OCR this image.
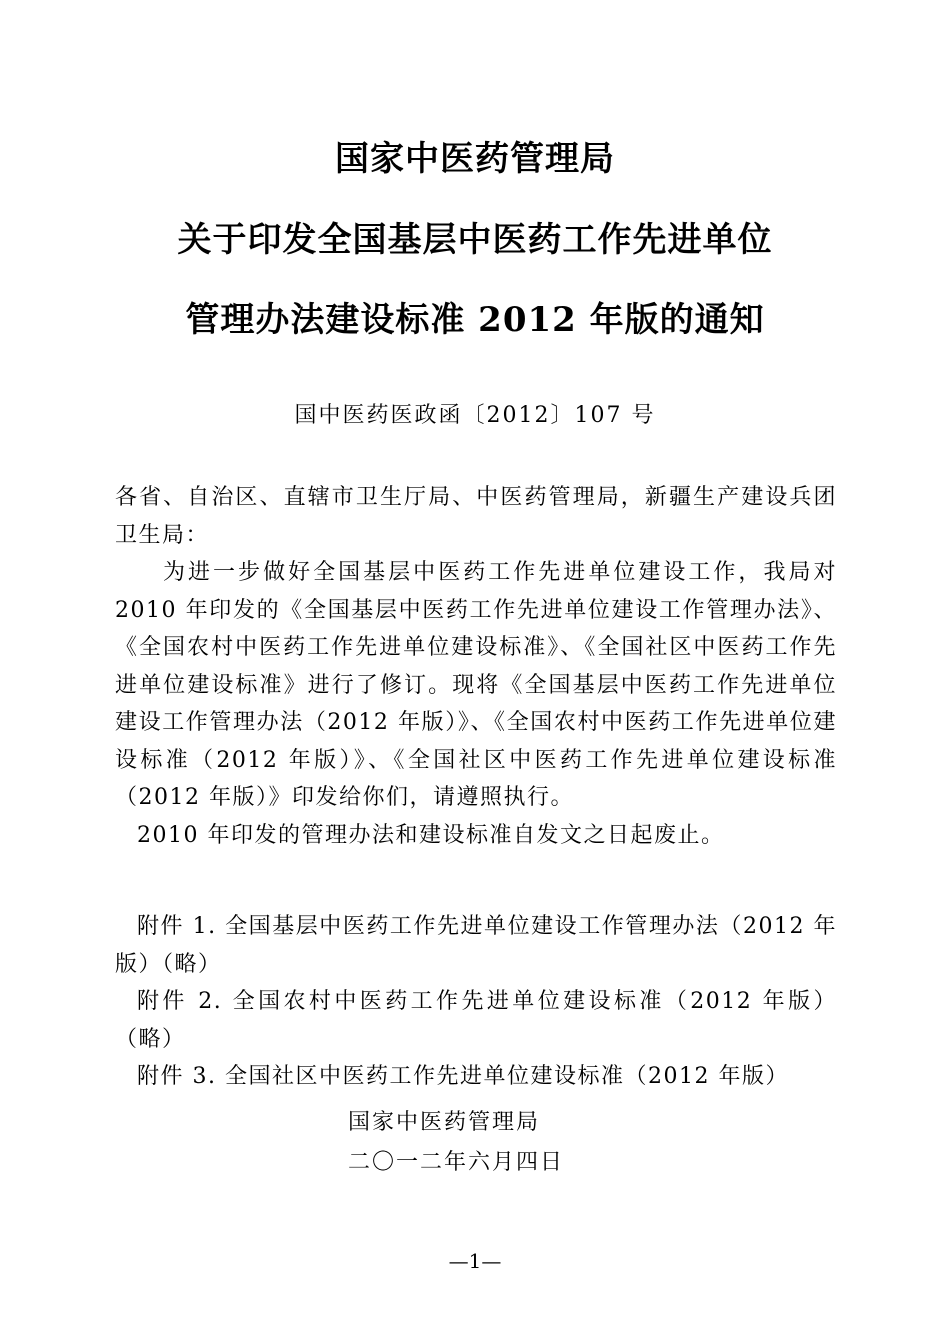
国家中医药管理局
关于印发全国基层中医药工作先进单位
管理办法建设标准 2012 年版的通知
国中医药医政函〔2012〕107 号

各省、自治区、直辖市卫生厅局、中医药管理局，新疆生产建设兵团卫生局：

为进一步做好全国基层中医药工作先进单位建设工作，我局对2010 年印发的《全国基层中医药工作先进单位建设工作管理办法》、《全国农村中医药工作先进单位建设标准》、《全国社区中医药工作先进单位建设标准》进行了修订。现将《全国基层中医药工作先进单位建设工作管理办法（2012 年版）》、《全国农村中医药工作先进单位建设标准（2012 年版）》、《全国社区中医药工作先进单位建设标准（2012 年版）》印发给你们，请遵照执行。

2010 年印发的管理办法和建设标准自发文之日起废止。

附件 1. 全国基层中医药工作先进单位建设工作管理办法（2012 年版）（略）

附件 2. 全国农村中医药工作先进单位建设标准（2012 年版）（略）

附件 3. 全国社区中医药工作先进单位建设标准（2012 年版）

国家中医药管理局
二〇一二年六月四日
—1—
